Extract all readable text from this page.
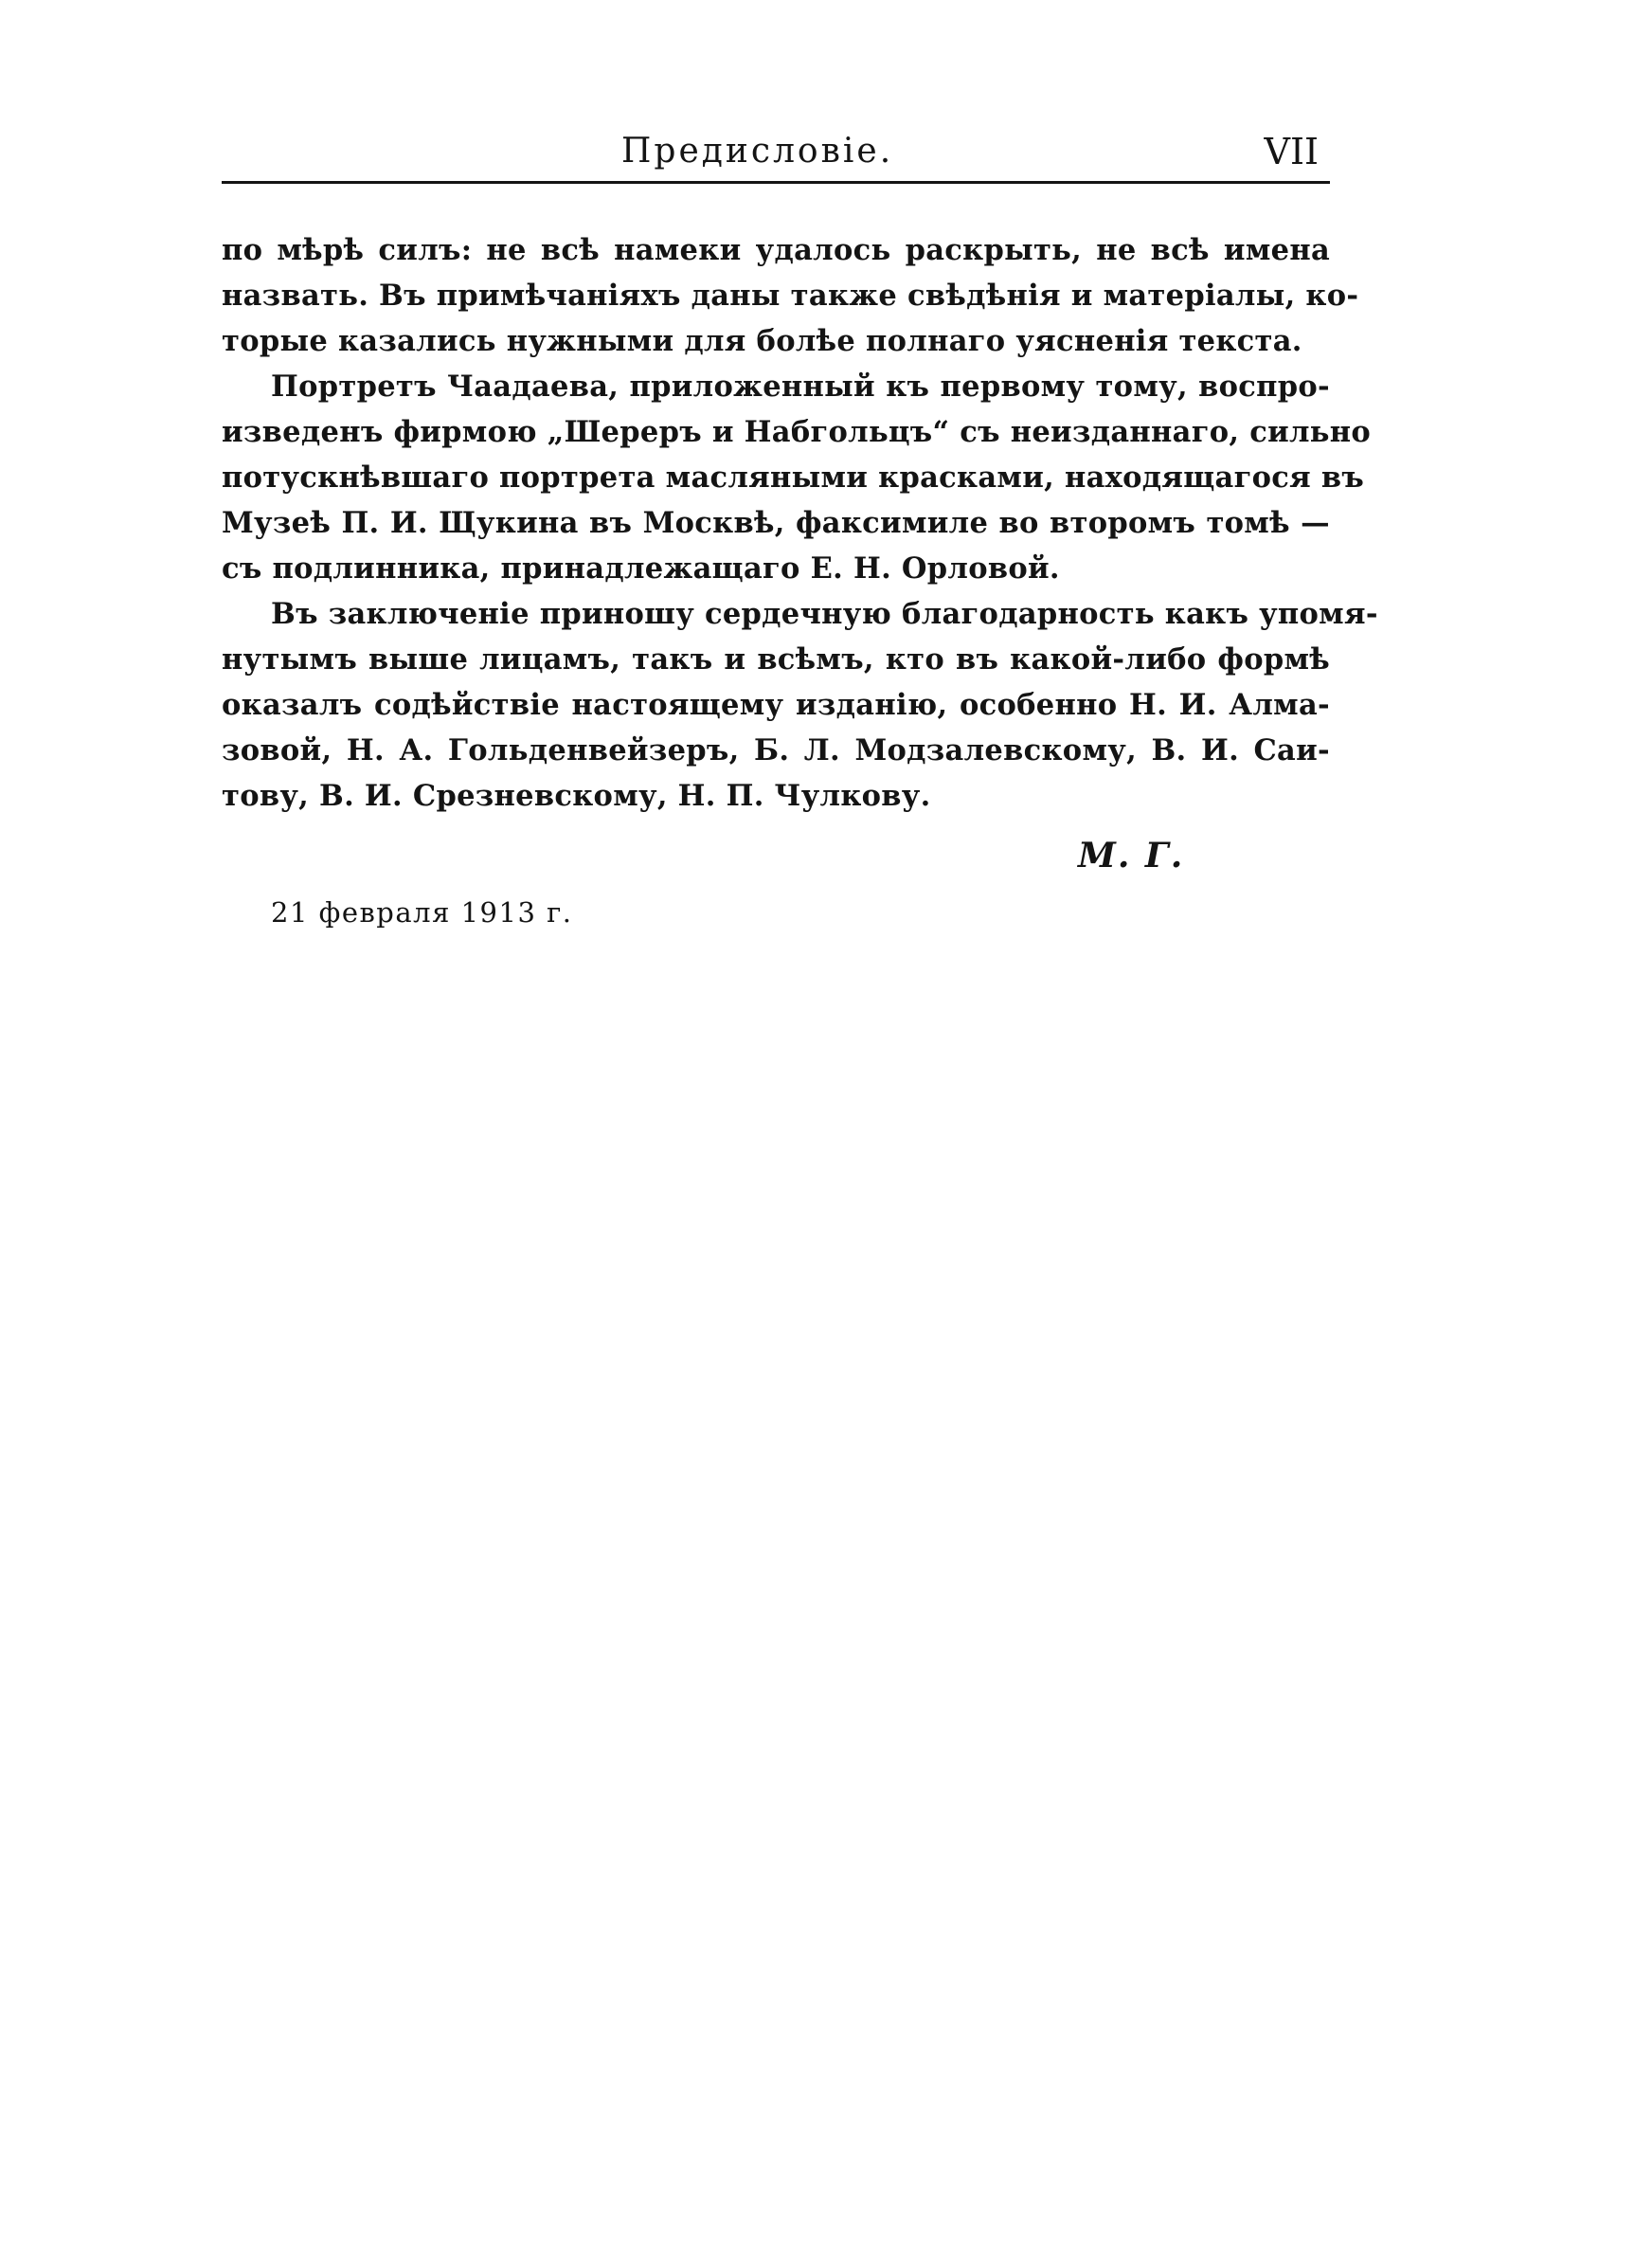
Предисловіе.	VII
по мѣрѣ силъ: не всѣ намеки удалось раскрыть, не всѣ имена
назвать. Въ примѣчаніяхъ даны также свѣдѣнія и матеріалы, ко-
торые казались нужными для болѣе полнаго уясненія текста.
Портретъ Чаадаева, приложенный къ первому тому, воспро-
изведенъ фирмою „Шереръ и Набгольцъ“ съ неизданнаго, сильно
потускнѣвшаго портрета масляными красками, находящагося въ
Музеѣ П. И. Щукина въ Москвѣ, факсимиле во второмъ томѣ —
съ подлинника, принадлежащаго Е. Н. Орловой.
Въ заключеніе приношу сердечную благодарность какъ упомя-
нутымъ выше лицамъ, такъ и всѣмъ, кто въ какой-либо формѣ
оказалъ содѣйствіе настоящему изданію, особенно Н. И. Алма-
зовой, Н. А. Гольденвейзеръ, Б. Л. Модзалевскому, В. И. Саи-
тову, В. И. Срезневскому, Н. П. Чулкову.
М. Г.
21 февраля 1913 г.
